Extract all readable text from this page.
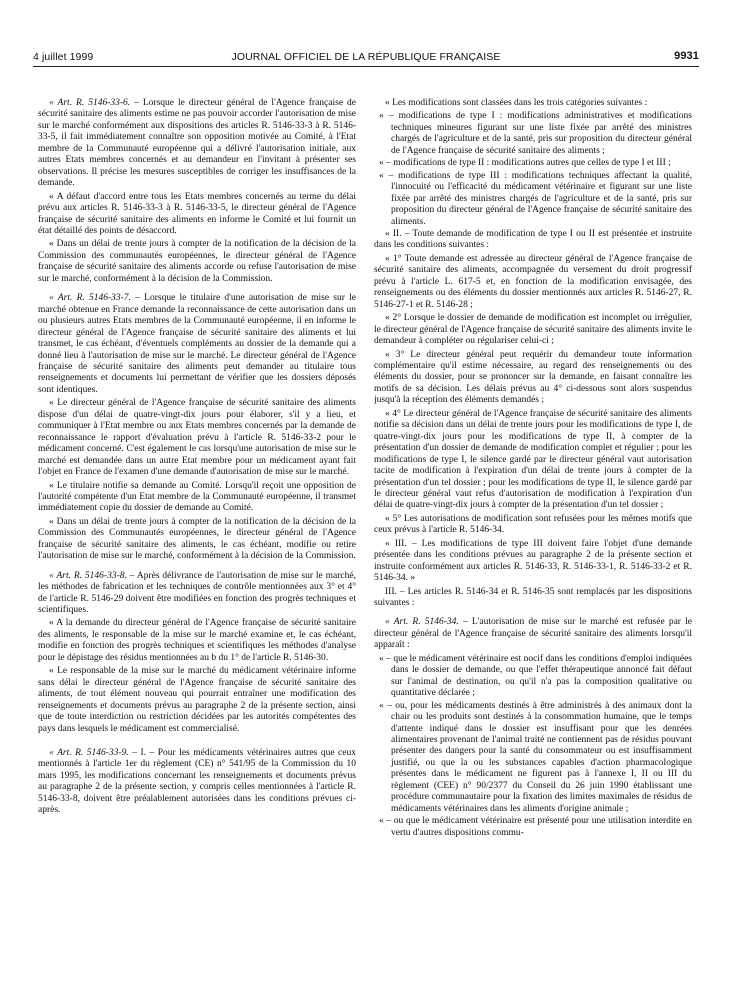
4 juillet 1999	JOURNAL OFFICIEL DE LA RÉPUBLIQUE FRANÇAISE	9931

« Art. R. 5146-33-6. – Lorsque le directeur général de l'Agence française de sécurité sanitaire des aliments estime ne pas pouvoir accorder l'autorisation de mise sur le marché conformément aux dispositions des articles R. 5146-33-3 à R. 5146-33-5, il fait immédiatement connaître son opposition motivée au Comité, à l'Etat membre de la Communauté européenne qui a délivré l'autorisation initiale, aux autres Etats membres concernés et au demandeur en l'invitant à présenter ses observations. Il précise les mesures susceptibles de corriger les insuffisances de la demande.

« A défaut d'accord entre tous les Etats membres concernés au terme du délai prévu aux articles R. 5146-33-3 à R. 5146-33-5, le directeur général de l'Agence française de sécurité sanitaire des aliments en informe le Comité et lui fournit un état détaillé des points de désaccord.

« Dans un délai de trente jours à compter de la notification de la décision de la Commission des communautés européennes, le directeur général de l'Agence française de sécurité sanitaire des aliments accorde ou refuse l'autorisation de mise sur le marché, conformément à la décision de la Commission.

« Art. R. 5146-33-7. – Lorsque le titulaire d'une autorisation de mise sur le marché obtenue en France demande la reconnaissance de cette autorisation dans un ou plusieurs autres Etats membres de la Communauté européenne, il en informe le directeur général de l'Agence française de sécurité sanitaire des aliments et lui transmet, le cas échéant, d'éventuels compléments au dossier de la demande qui a donné lieu à l'autorisation de mise sur le marché. Le directeur général de l'Agence française de sécurité sanitaire des aliments peut demander au titulaire tous renseignements et documents lui permettant de vérifier que les dossiers déposés sont identiques.

« Le directeur général de l'Agence française de sécurité sanitaire des aliments dispose d'un délai de quatre-vingt-dix jours pour élaborer, s'il y a lieu, et communiquer à l'Etat membre ou aux Etats membres concernés par la demande de reconnaissance le rapport d'évaluation prévu à l'article R. 5146-33-2 pour le médicament concerné. C'est également le cas lorsqu'une autorisation de mise sur le marché est demandée dans un autre Etat membre pour un médicament ayant fait l'objet en France de l'examen d'une demande d'autorisation de mise sur le marché.

« Le titulaire notifie sa demande au Comité. Lorsqu'il reçoit une opposition de l'autorité compétente d'un Etat membre de la Communauté européenne, il transmet immédiatement copie du dossier de demande au Comité.

« Dans un délai de trente jours à compter de la notification de la décision de la Commission des Communautés européennes, le directeur général de l'Agence française de sécurité sanitaire des aliments, le cas échéant, modifie ou retire l'autorisation de mise sur le marché, conformément à la décision de la Commission.

« Art. R. 5146-33-8. – Après délivrance de l'autorisation de mise sur le marché, les méthodes de fabrication et les techniques de contrôle mentionnées aux 3° et 4° de l'article R. 5146-29 doivent être modifiées en fonction des progrès techniques et scientifiques.

« A la demande du directeur général de l'Agence française de sécurité sanitaire des aliments, le responsable de la mise sur le marché examine et, le cas échéant, modifie en fonction des progrès techniques et scientifiques les méthodes d'analyse pour le dépistage des résidus mentionnées au b du 1° de l'article R. 5146-30.

« Le responsable de la mise sur le marché du médicament vétérinaire informe sans délai le directeur général de l'Agence française de sécurité sanitaire des aliments, de tout élément nouveau qui pourrait entraîner une modification des renseignements et documents prévus au paragraphe 2 de la présente section, ainsi que de toute interdiction ou restriction décidées par les autorités compétentes des pays dans lesquels le médicament est commercialisé.

« Art. R. 5146-33-9. – I. – Pour les médicaments vétérinaires autres que ceux mentionnés à l'article 1er du règlement (CE) n° 541/95 de la Commission du 10 mars 1995, les modifications concernant les renseignements et documents prévus au paragraphe 2 de la présente section, y compris celles mentionnées à l'article R. 5146-33-8, doivent être préalablement autorisées dans les conditions prévues ci-après.

« Les modifications sont classées dans les trois catégories suivantes :

« – modifications de type I : modifications administratives et modifications techniques mineures figurant sur une liste fixée par arrêté des ministres chargés de l'agriculture et de la santé, pris sur proposition du directeur général de l'Agence française de sécurité sanitaire des aliments ;
« – modifications de type II : modifications autres que celles de type I et III ;
« – modifications de type III : modifications techniques affectant la qualité, l'innocuité ou l'efficacité du médicament vétérinaire et figurant sur une liste fixée par arrêté des ministres chargés de l'agriculture et de la santé, pris sur proposition du directeur général de l'Agence française de sécurité sanitaire des aliments.

« II. – Toute demande de modification de type I ou II est présentée et instruite dans les conditions suivantes :

« 1° Toute demande est adressée au directeur général de l'Agence française de sécurité sanitaire des aliments, accompagnée du versement du droit progressif prévu à l'article L. 617-5 et, en fonction de la modification envisagée, des renseignements ou des éléments du dossier mentionnés aux articles R. 5146-27, R. 5146-27-1 et R. 5146-28 ;

« 2° Lorsque le dossier de demande de modification est incomplet ou irrégulier, le directeur général de l'Agence française de sécurité sanitaire des aliments invite le demandeur à compléter ou régulariser celui-ci ;

« 3° Le directeur général peut requérir du demandeur toute information complémentaire qu'il estime nécessaire, au regard des renseignements ou des éléments du dossier, pour se prononcer sur la demande, en faisant connaître les motifs de sa décision. Les délais prévus au 4° ci-dessous sont alors suspendus jusqu'à la réception des éléments demandés ;

« 4° Le directeur général de l'Agence française de sécurité sanitaire des aliments notifie sa décision dans un délai de trente jours pour les modifications de type I, de quatre-vingt-dix jours pour les modifications de type II, à compter de la présentation d'un dossier de demande de modification complet et régulier ; pour les modifications de type I, le silence gardé par le directeur général vaut autorisation tacite de modification à l'expiration d'un délai de trente jours à compter de la présentation d'un tel dossier ; pour les modifications de type II, le silence gardé par le directeur général vaut refus d'autorisation de modification à l'expiration d'un délai de quatre-vingt-dix jours à compter de la présentation d'un tel dossier ;

« 5° Les autorisations de modification sont refusées pour les mêmes motifs que ceux prévus à l'article R. 5146-34.

« III. – Les modifications de type III doivent faire l'objet d'une demande présentée dans les conditions prévues au paragraphe 2 de la présente section et instruite conformément aux articles R. 5146-33, R. 5146-33-1, R. 5146-33-2 et R. 5146-34. »

III. – Les articles R. 5146-34 et R. 5146-35 sont remplacés par les dispositions suivantes :

« Art. R. 5146-34. – L'autorisation de mise sur le marché est refusée par le directeur général de l'Agence française de sécurité sanitaire des aliments lorsqu'il apparaît :

« – que le médicament vétérinaire est nocif dans les conditions d'emploi indiquées dans le dossier de demande, ou que l'effet thérapeutique annoncé fait défaut sur l'animal de destination, ou qu'il n'a pas la composition qualitative ou quantitative déclarée ;
« – ou, pour les médicaments destinés à être administrés à des animaux dont la chair ou les produits sont destinés à la consommation humaine, que le temps d'attente indiqué dans le dossier est insuffisant pour que les denrées alimentaires provenant de l'animal traité ne contiennent pas de résidus pouvant présenter des dangers pour la santé du consommateur ou est insuffisamment justifié, ou que la ou les substances capables d'action pharmacologique présentes dans le médicament ne figurent pas à l'annexe I, II ou III du règlement (CEE) n° 90/2377 du Conseil du 26 juin 1990 établissant une procédure communautaire pour la fixation des limites maximales de résidus de médicaments vétérinaires dans les aliments d'origine animale ;
« – ou que le médicament vétérinaire est présenté pour une utilisation interdite en vertu d'autres dispositions commu-
